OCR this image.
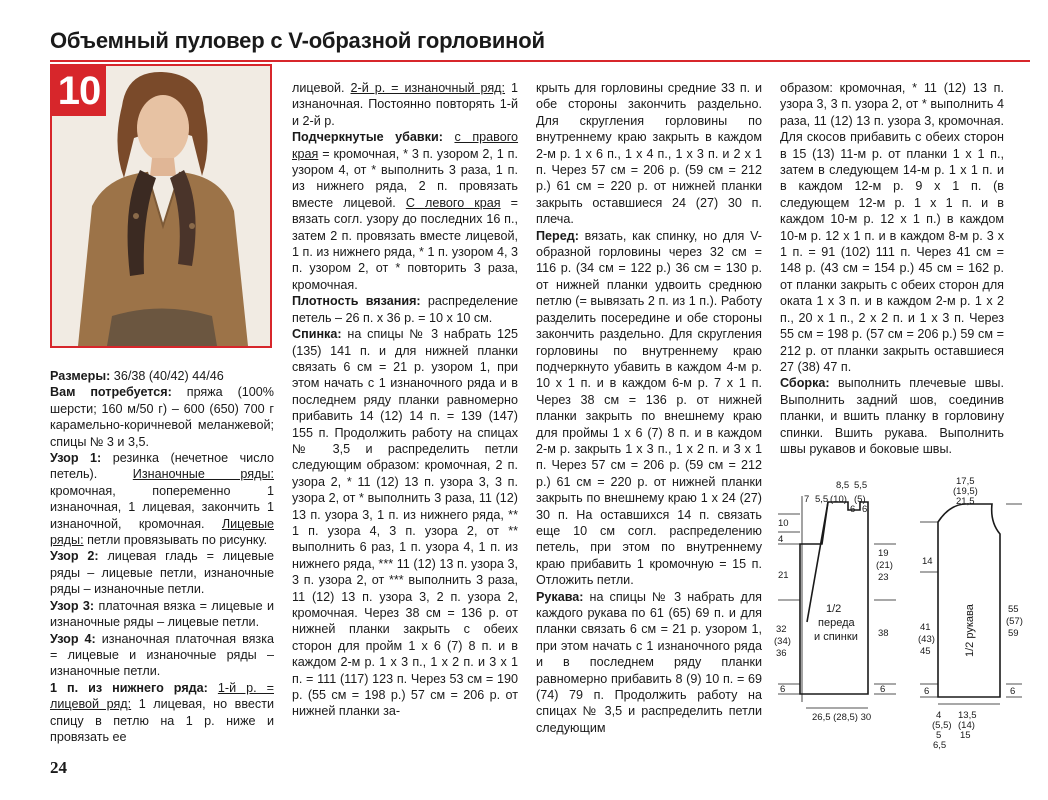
Объемный пуловер с V-образной горловиной
10

Размеры: 36/38 (40/42) 44/46

Вам потребуется: пряжа (100% шерсти; 160 м/50 г) – 600 (650) 700 г карамельно-коричневой меланжевой; спицы № 3 и 3,5.

Узор 1: резинка (нечетное число петель). Изнаночные ряды: кромочная, попеременно 1 изнаночная, 1 лицевая, закончить 1 изнаночной, кромочная. Лицевые ряды: петли провязывать по рисунку.

Узор 2: лицевая гладь = лицевые ряды – лицевые петли, изнаночные ряды – изнаночные петли.

Узор 3: платочная вязка = лицевые и изнаночные ряды – лицевые петли.

Узор 4: изнаночная платочная вязка = лицевые и изнаночные ряды – изнаночные петли.

1 п. из нижнего ряда: 1-й р. = лицевой ряд: 1 лицевая, но ввести спицу в петлю на 1 р. ниже и провязать ее

лицевой. 2-й р. = изнаночный ряд: 1 изнаночная. Постоянно повторять 1-й и 2-й р.

Подчеркнутые убавки: с правого края = кромочная, * 3 п. узором 2, 1 п. узором 4, от * выполнить 3 раза, 1 п. из нижнего ряда, 2 п. провязать вместе лицевой. С левого края = вязать согл. узору до последних 16 п., затем 2 п. провязать вместе лицевой, 1 п. из нижнего ряда, * 1 п. узором 4, 3 п. узором 2, от * повторить 3 раза, кромочная.

Плотность вязания: распределение петель – 26 п. х 36 р. = 10 х 10 см.

Спинка: на спицы № 3 набрать 125 (135) 141 п. и для нижней планки связать 6 см = 21 р. узором 1, при этом начать с 1 изнаночного ряда и в последнем ряду планки равномерно прибавить 14 (12) 14 п. = 139 (147) 155 п. Продолжить работу на спицах № 3,5 и распределить петли следующим образом: кромочная, 2 п. узора 2, * 11 (12) 13 п. узора 3, 3 п. узора 2, от * выполнить 3 раза, 11 (12) 13 п. узора 3, 1 п. из нижнего ряда, ** 1 п. узора 4, 3 п. узора 2, от ** выполнить 6 раз, 1 п. узора 4, 1 п. из нижнего ряда, *** 11 (12) 13 п. узора 3, 3 п. узора 2, от *** выполнить 3 раза, 11 (12) 13 п. узора 3, 2 п. узора 2, кромочная. Через 38 см = 136 р. от нижней планки закрыть с обеих сторон для пройм 1 х 6 (7) 8 п. и в каждом 2-м р. 1 х 3 п., 1 х 2 п. и 3 х 1 п. = 111 (117) 123 п. Через 53 см = 190 р. (55 см = 198 р.) 57 см = 206 р. от нижней планки за-

крыть для горловины средние 33 п. и обе стороны закончить раздельно. Для скругления горловины по внутреннему краю закрыть в каждом 2-м р. 1 х 6 п., 1 х 4 п., 1 х 3 п. и 2 х 1 п. Через 57 см = 206 р. (59 см = 212 р.) 61 см = 220 р. от нижней планки закрыть оставшиеся 24 (27) 30 п. плеча.

Перед: вязать, как спинку, но для V-образной горловины через 32 см = 116 р. (34 см = 122 р.) 36 см = 130 р. от нижней планки удвоить среднюю петлю (= вывязать 2 п. из 1 п.). Работу разделить посередине и обе стороны закончить раздельно. Для скругления горловины по внутреннему краю подчеркнуто убавить в каждом 4-м р. 10 х 1 п. и в каждом 6-м р. 7 х 1 п. Через 38 см = 136 р. от нижней планки закрыть по внешнему краю для проймы 1 х 6 (7) 8 п. и в каждом 2-м р. закрыть 1 х 3 п., 1 х 2 п. и 3 х 1 п. Через 57 см = 206 р. (59 см = 212 р.) 61 см = 220 р. от нижней планки закрыть по внешнему краю 1 х 24 (27) 30 п. На оставшихся 14 п. связать еще 10 см согл. распределению петель, при этом по внутреннему краю прибавить 1 кромочную = 15 п. Отложить петли.

Рукава: на спицы № 3 набрать для каждого рукава по 61 (65) 69 п. и для планки связать 6 см = 21 р. узором 1, при этом начать с 1 изнаночного ряда и в последнем ряду планки равномерно прибавить 8 (9) 10 п. = 69 (74) 79 п. Продолжить работу на спицах № 3,5 и распределить петли следующим

образом: кромочная, * 11 (12) 13 п. узора 3, 3 п. узора 2, от * выполнить 4 раза, 11 (12) 13 п. узора 3, кромочная. Для скосов прибавить с обеих сторон в 15 (13) 11-м р. от планки 1 х 1 п., затем в следующем 14-м р. 1 х 1 п. и в каждом 12-м р. 9 х 1 п. (в следующем 12-м р. 1 х 1 п. и в каждом 10-м р. 12 х 1 п.) в каждом 10-м р. 12 х 1 п. и в каждом 8-м р. 3 х 1 п. = 91 (102) 111 п. Через 41 см = 148 р. (43 см = 154 р.) 45 см = 162 р. от планки закрыть с обеих сторон для оката 1 х 3 п. и в каждом 2-м р. 1 х 2 п., 20 х 1 п., 2 х 2 п. и 1 х 3 п. Через 55 см = 198 р. (57 см = 206 р.) 59 см = 212 р. от планки закрыть оставшиеся 27 (38) 47 п.

Сборка: выполнить плечевые швы. Выполнить задний шов, соединив планки, и вшить планку в горловину спинки. Вшить рукава. Выполнить швы рукавов и боковые швы.

7 5,5 (10) (5)
8,5 5,5
6 6
10
4
21
32
(34)
36
6
19
(21)
23
38
6
26,5 (28,5) 30
1/2
переда
и спинки	1/2 рукава
17,5
(19,5)
21,5
14
41
(43)
45
6
55
(57)
59
6
4
(5,5)
5
6,5
13,5
(14)
15
24
